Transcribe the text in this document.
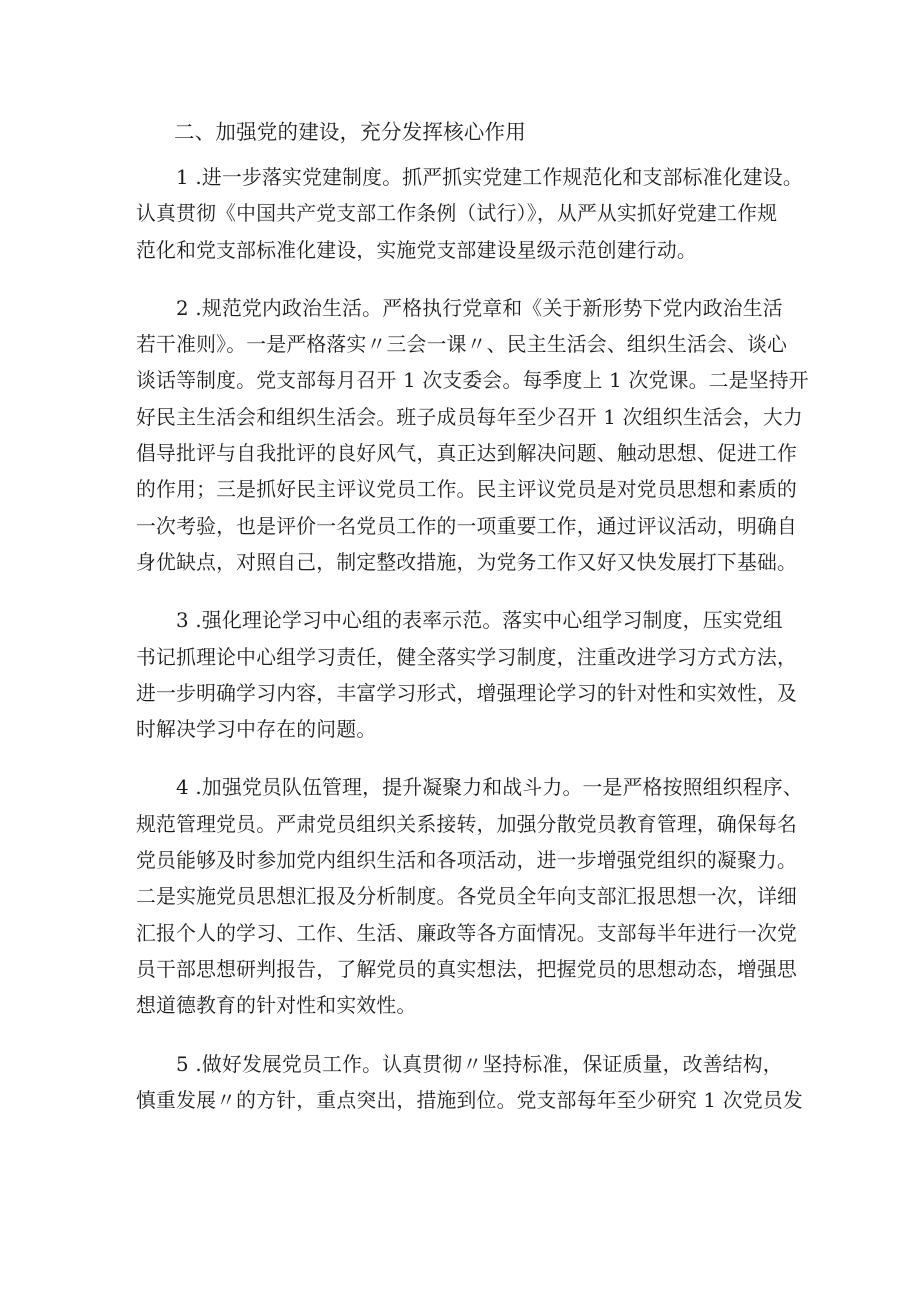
二、加强党的建设，充分发挥核心作用
1 .进一步落实党建制度。抓严抓实党建工作规范化和支部标准化建设。
认真贯彻《中国共产党支部工作条例（试行）》，从严从实抓好党建工作规
范化和党支部标准化建设，实施党支部建设星级示范创建行动。
2 .规范党内政治生活。严格执行党章和《关于新形势下党内政治生活
若干准则》。一是严格落实〃三会一课〃、民主生活会、组织生活会、谈心
谈话等制度。党支部每月召开 1 次支委会。每季度上 1 次党课。二是坚持开
好民主生活会和组织生活会。班子成员每年至少召开 1 次组织生活会，大力
倡导批评与自我批评的良好风气，真正达到解决问题、触动思想、促进工作
的作用；三是抓好民主评议党员工作。民主评议党员是对党员思想和素质的
一次考验，也是评价一名党员工作的一项重要工作，通过评议活动，明确自
身优缺点，对照自己，制定整改措施，为党务工作又好又快发展打下基础。
3 .强化理论学习中心组的表率示范。落实中心组学习制度，压实党组
书记抓理论中心组学习责任，健全落实学习制度，注重改进学习方式方法，
进一步明确学习内容，丰富学习形式，增强理论学习的针对性和实效性，及
时解决学习中存在的问题。
4 .加强党员队伍管理，提升凝聚力和战斗力。一是严格按照组织程序、
规范管理党员。严肃党员组织关系接转，加强分散党员教育管理，确保每名
党员能够及时参加党内组织生活和各项活动，进一步增强党组织的凝聚力。
二是实施党员思想汇报及分析制度。各党员全年向支部汇报思想一次，详细
汇报个人的学习、工作、生活、廉政等各方面情况。支部每半年进行一次党
员干部思想研判报告，了解党员的真实想法，把握党员的思想动态，增强思
想道德教育的针对性和实效性。
5 .做好发展党员工作。认真贯彻〃坚持标准，保证质量，改善结构，
慎重发展〃的方针，重点突出，措施到位。党支部每年至少研究 1 次党员发
